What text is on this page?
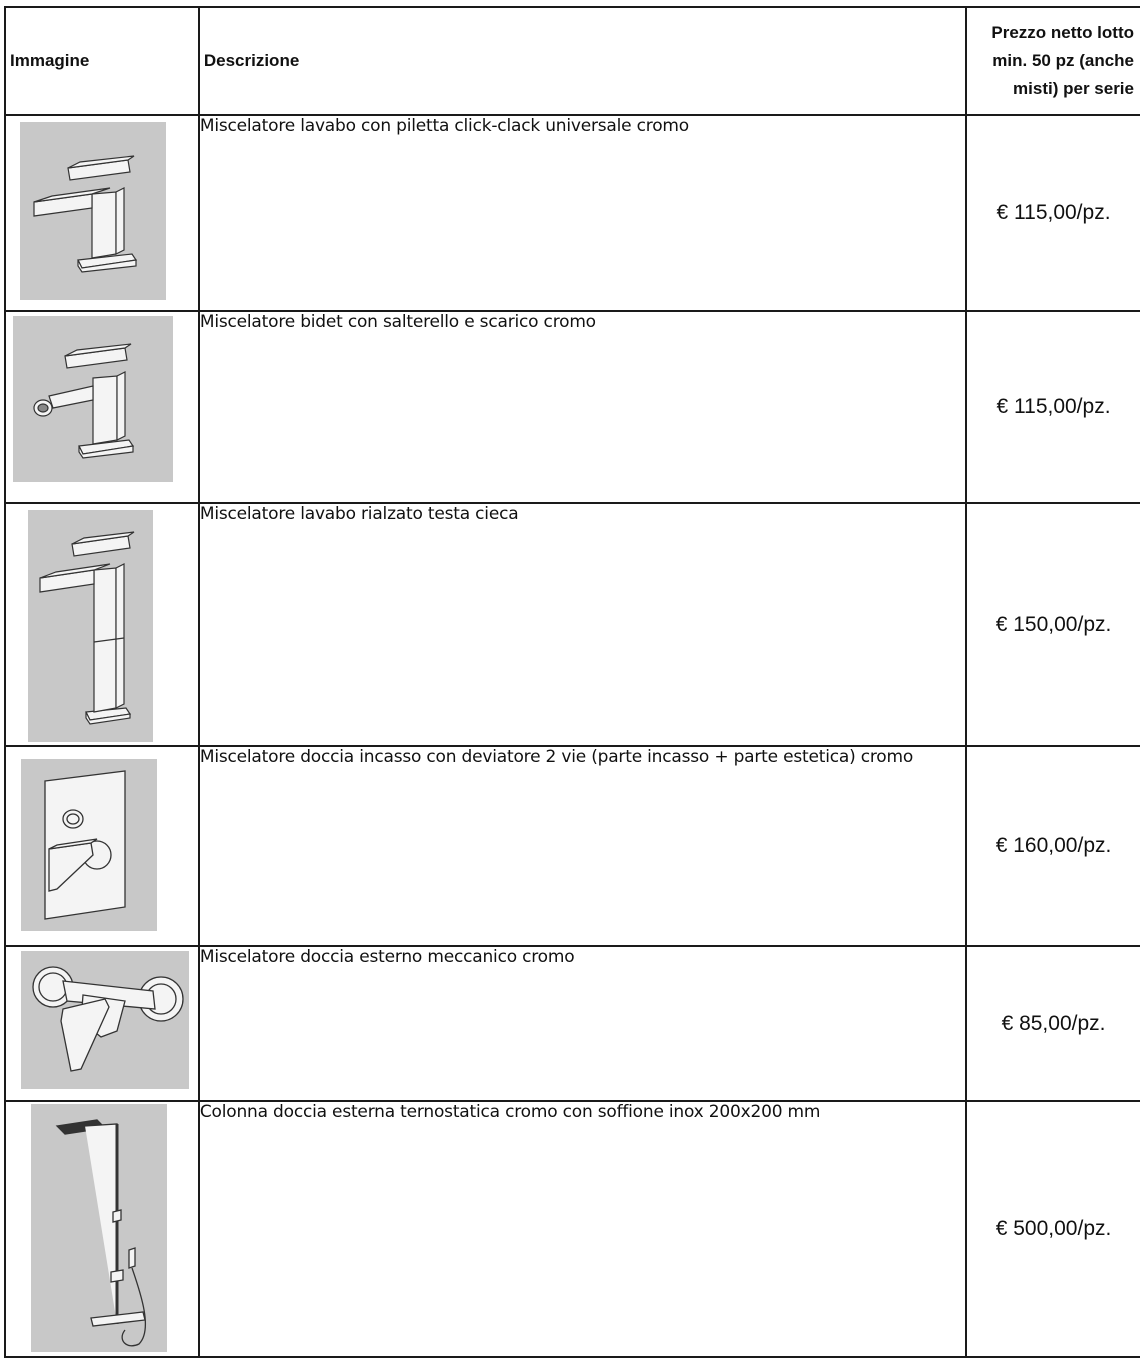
Immagine	Descrizione	Prezzo netto lotto
min. 50 pz (anche
misti) per serie

	Miscelatore lavabo con piletta click-clack universale cromo	€ 115,00/pz.

	Miscelatore bidet con salterello e scarico cromo	€ 115,00/pz.

	Miscelatore lavabo rialzato testa cieca	€ 150,00/pz.

	Miscelatore doccia incasso con deviatore 2 vie (parte incasso + parte estetica) cromo	€ 160,00/pz.

	Miscelatore doccia esterno meccanico cromo	€ 85,00/pz.

	Colonna doccia esterna ternostatica cromo con soffione inox 200x200 mm	€ 500,00/pz.
